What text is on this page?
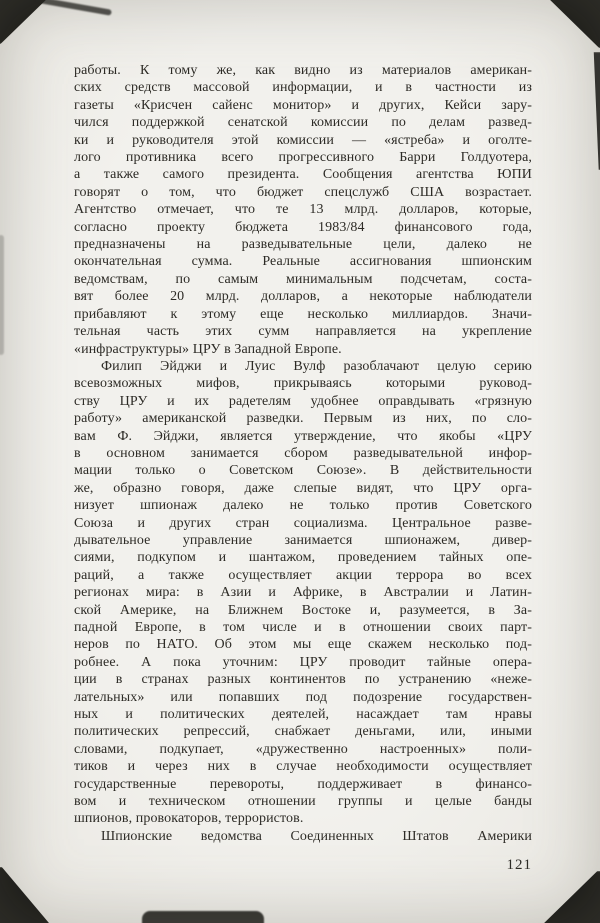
работы. К тому же, как видно из материалов американ-
ских средств массовой информации, и в частности из
газеты «Крисчен сайенс монитор» и других, Кейси зару-
чился поддержкой сенатской комиссии по делам развед-
ки и руководителя этой комиссии — «ястреба» и оголте-
лого противника всего прогрессивного Барри Голдуотера,
а также самого президента. Сообщения агентства ЮПИ
говорят о том, что бюджет спецслужб США возрастает.
Агентство отмечает, что те 13 млрд. долларов, которые,
согласно проекту бюджета 1983/84 финансового года,
предназначены на разведывательные цели, далеко не
окончательная сумма. Реальные ассигнования шпионским
ведомствам, по самым минимальным подсчетам, соста-
вят более 20 млрд. долларов, а некоторые наблюдатели
прибавляют к этому еще несколько миллиардов. Значи-
тельная часть этих сумм направляется на укрепление
«инфраструктуры» ЦРУ в Западной Европе.
Филип Эйджи и Луис Вулф разоблачают целую серию
всевозможных мифов, прикрываясь которыми руковод-
ству ЦРУ и их радетелям удобнее оправдывать «грязную
работу» американской разведки. Первым из них, по сло-
вам Ф. Эйджи, является утверждение, что якобы «ЦРУ
в основном занимается сбором разведывательной инфор-
мации только о Советском Союзе». В действительности
же, образно говоря, даже слепые видят, что ЦРУ орга-
низует шпионаж далеко не только против Советского
Союза и других стран социализма. Центральное разве-
дывательное управление занимается шпионажем, дивер-
сиями, подкупом и шантажом, проведением тайных опе-
раций, а также осуществляет акции террора во всех
регионах мира: в Азии и Африке, в Австралии и Латин-
ской Америке, на Ближнем Востоке и, разумеется, в За-
падной Европе, в том числе и в отношении своих парт-
неров по НАТО. Об этом мы еще скажем несколько под-
робнее. А пока уточним: ЦРУ проводит тайные опера-
ции в странах разных континентов по устранению «неже-
лательных» или попавших под подозрение государствен-
ных и политических деятелей, насаждает там нравы
политических репрессий, снабжает деньгами, или, иными
словами, подкупает, «дружественно настроенных» поли-
тиков и через них в случае необходимости осуществляет
государственные перевороты, поддерживает в финансо-
вом и техническом отношении группы и целые банды
шпионов, провокаторов, террористов.
Шпионские ведомства Соединенных Штатов Америки
121
